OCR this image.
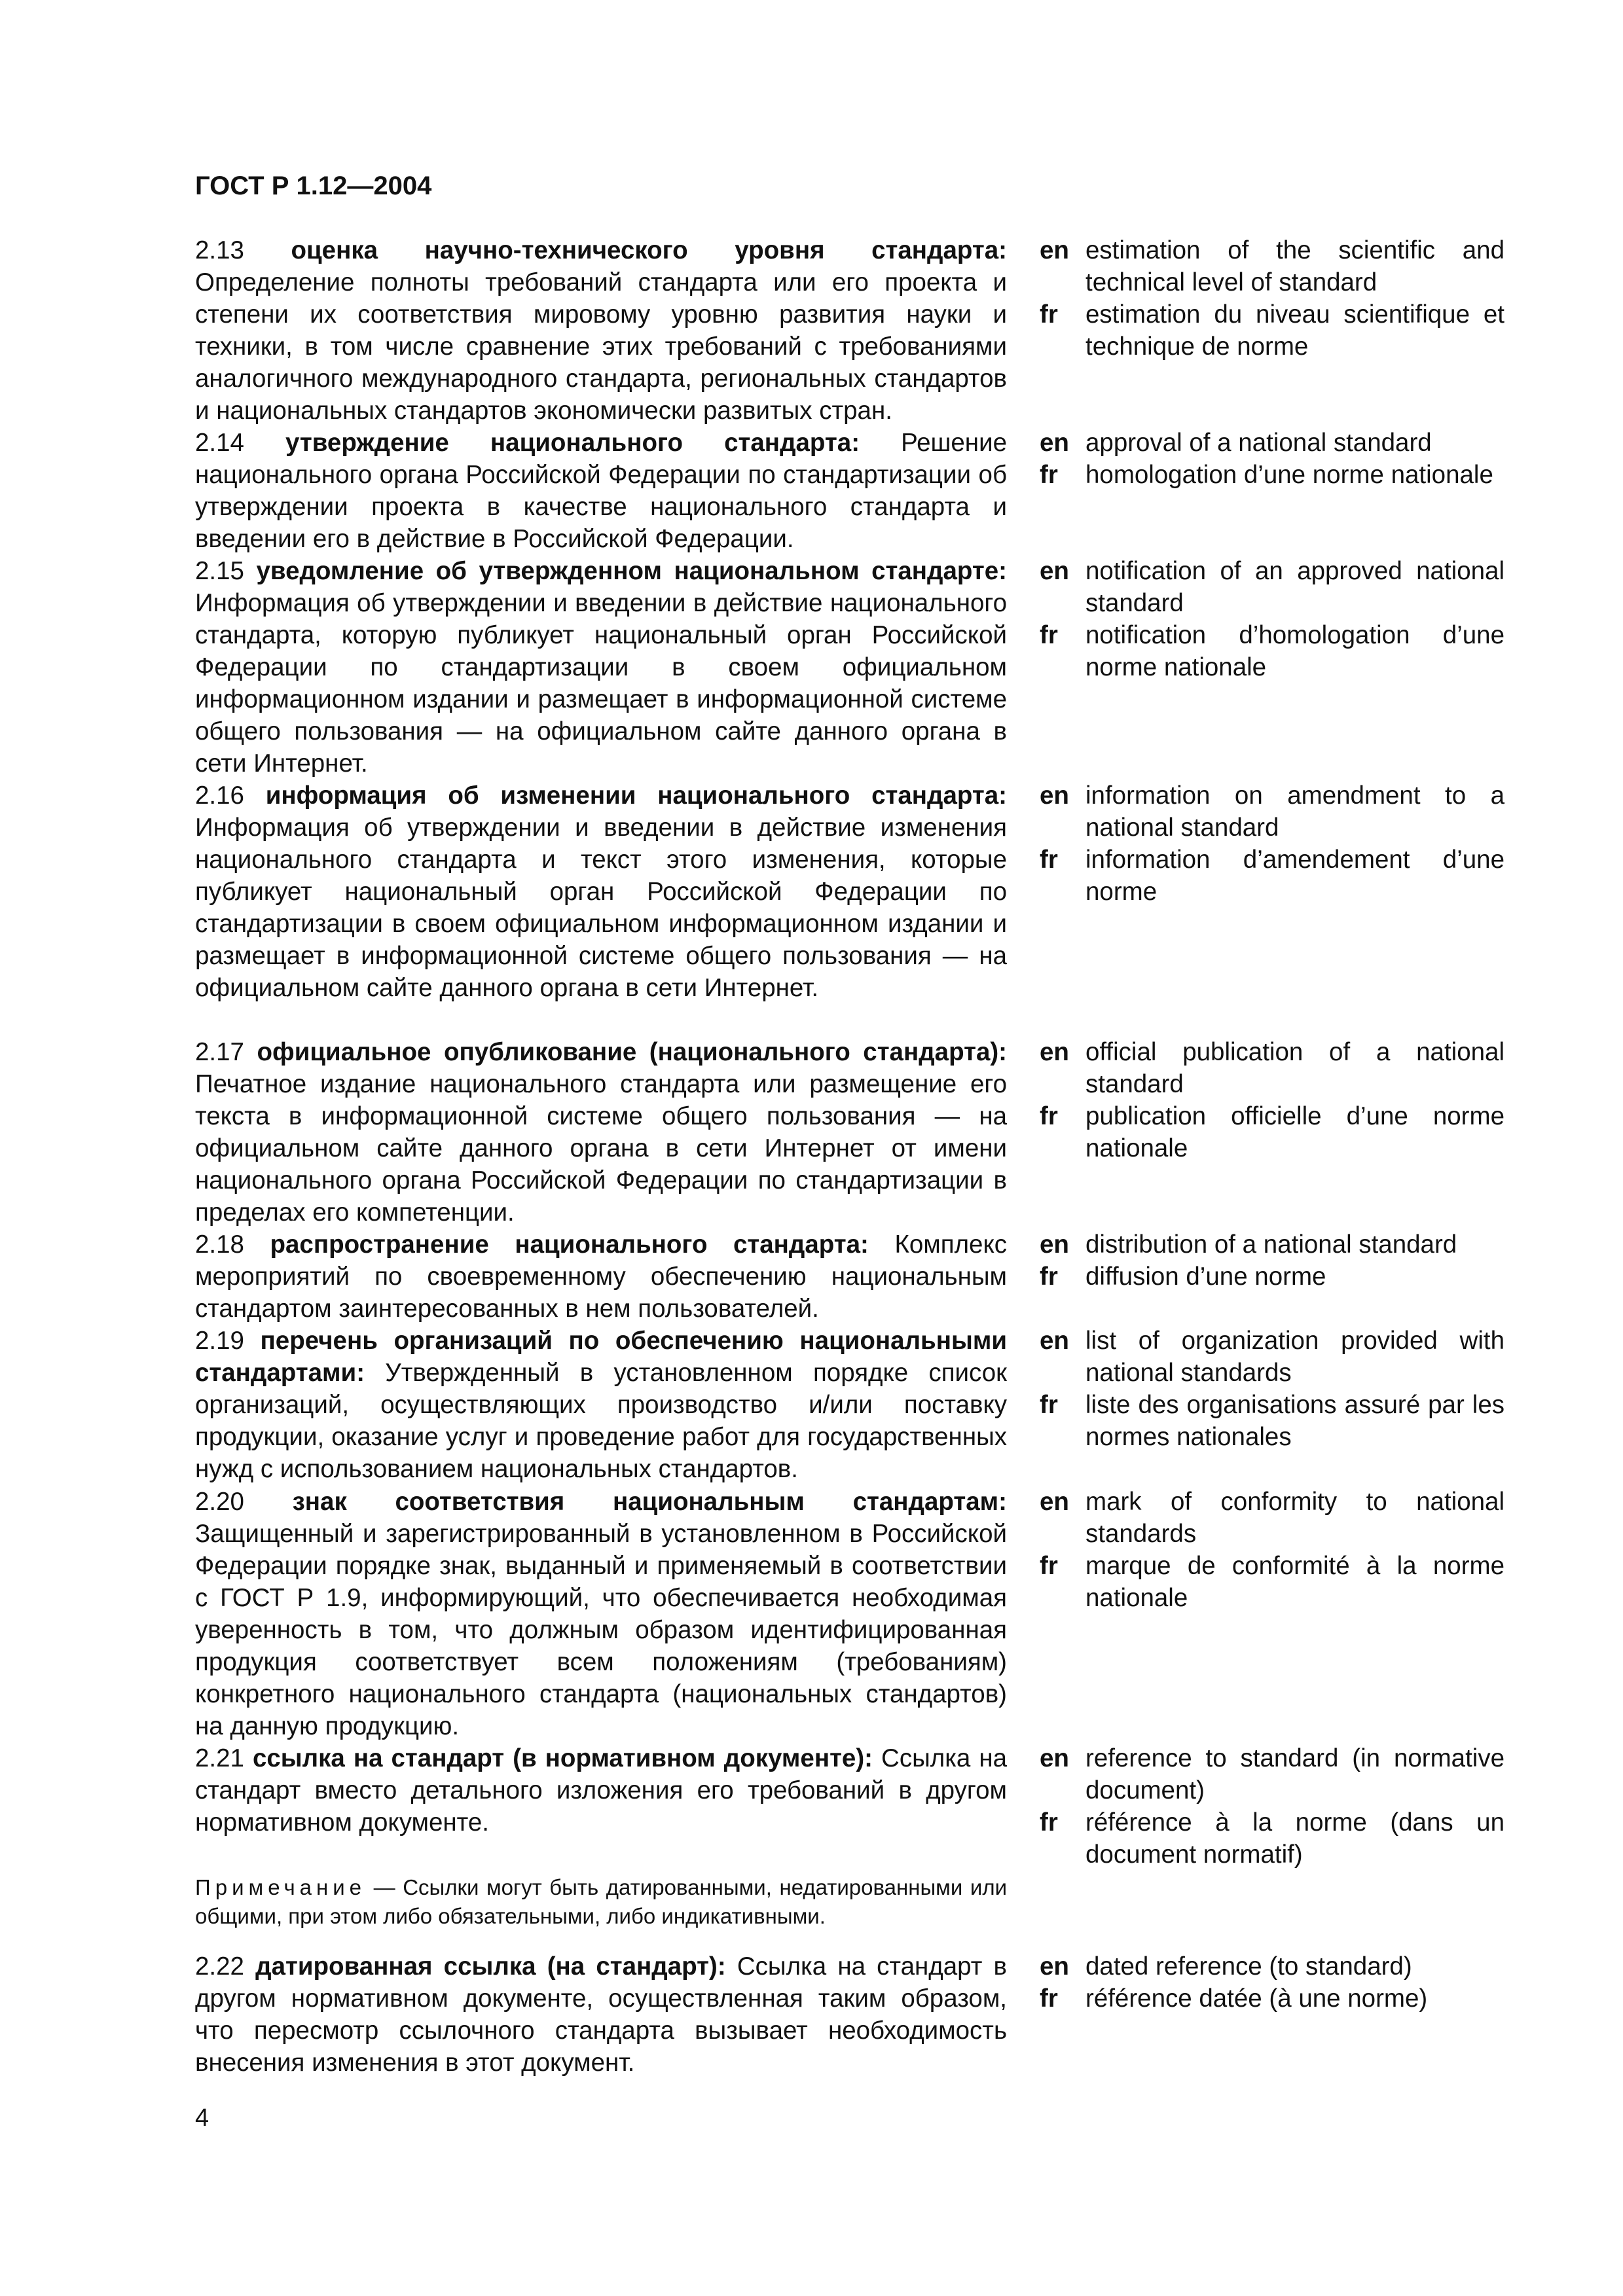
ГОСТ Р 1.12—2004
2.13 оценка научно-технического уровня стандарта: Определение полноты требований стандарта или его проекта и степени их соответствия мировому уровню развития науки и техники, в том числе сравнение этих требований с требованиями аналогичного международного стандарта, региональных стандартов и национальных стандартов экономически развитых стран.
en estimation of the scientific and technical level of standard
fr	estimation du niveau scientifique et technique de norme
2.14 утверждение национального стандарта: Решение национального органа Российской Федерации по стандартизации об утверждении проекта в качестве национального стандарта и введении его в действие в Российской Федерации.
en approval of a national standard
fr	homologation d’une norme nationale
2.15 уведомление об утвержденном национальном стандарте: Информация об утверждении и введении в действие национального стандарта, которую публикует национальный орган Российской Федерации по стандартизации в своем официальном информационном издании и размещает в информационной системе общего пользования — на официальном сайте данного органа в сети Интернет.
en notification of an approved national standard
fr	notification d’homologation d’une norme nationale
2.16 информация об изменении национального стандарта: Информация об утверждении и введении в действие изменения национального стандарта и текст этого изменения, которые публикует национальный орган Российской Федерации по стандартизации в своем официальном информационном издании и размещает в информационной системе общего пользования — на официальном сайте данного органа в сети Интернет.
en information on amendment to a national standard
fr	information d’amendement d’une norme
2.17 официальное опубликование (национального стандарта): Печатное издание национального стандарта или размещение его текста в информационной системе общего пользования — на официальном сайте данного органа в сети Интернет от имени национального органа Российской Федерации по стандартизации в пределах его компетенции.
en official publication of a national standard
fr	publication officielle d’une norme nationale
2.18 распространение национального стандарта: Комплекс мероприятий по своевременному обеспечению национальным стандартом заинтересованных в нем пользователей.
en distribution of a national standard
fr	diffusion d’une norme
2.19 перечень организаций по обеспечению национальными стандартами: Утвержденный в установленном порядке список организаций, осуществляющих производство и/или поставку продукции, оказание услуг и проведение работ для государственных нужд с использованием национальных стандартов.
en list of organization provided with national standards
fr	liste des organisations assuré par les normes nationales
2.20 знак соответствия национальным стандартам: Защищенный и зарегистрированный в установленном в Российской Федерации порядке знак, выданный и применяемый в соответствии с ГОСТ Р 1.9, информирующий, что обеспечивается необходимая уверенность в том, что должным образом идентифицированная продукция соответствует всем положениям (требованиям) конкретного национального стандарта (национальных стандартов) на данную продукцию.
en mark of conformity to national standards
fr	marque de conformité à la norme nationale
2.21 ссылка на стандарт (в нормативном документе): Ссылка на стандарт вместо детального изложения его требований в другом нормативном документе.
en reference to standard (in normative document)
fr	référence à la norme (dans un document normatif)
Примечание — Ссылки могут быть датированными, недатированными или общими, при этом либо обязательными, либо индикативными.
2.22 датированная ссылка (на стандарт): Ссылка на стандарт в другом нормативном документе, осуществленная таким образом, что пересмотр ссылочного стандарта вызывает необходимость внесения изменения в этот документ.
en dated reference (to standard)
fr	référence datée (à une norme)
4
